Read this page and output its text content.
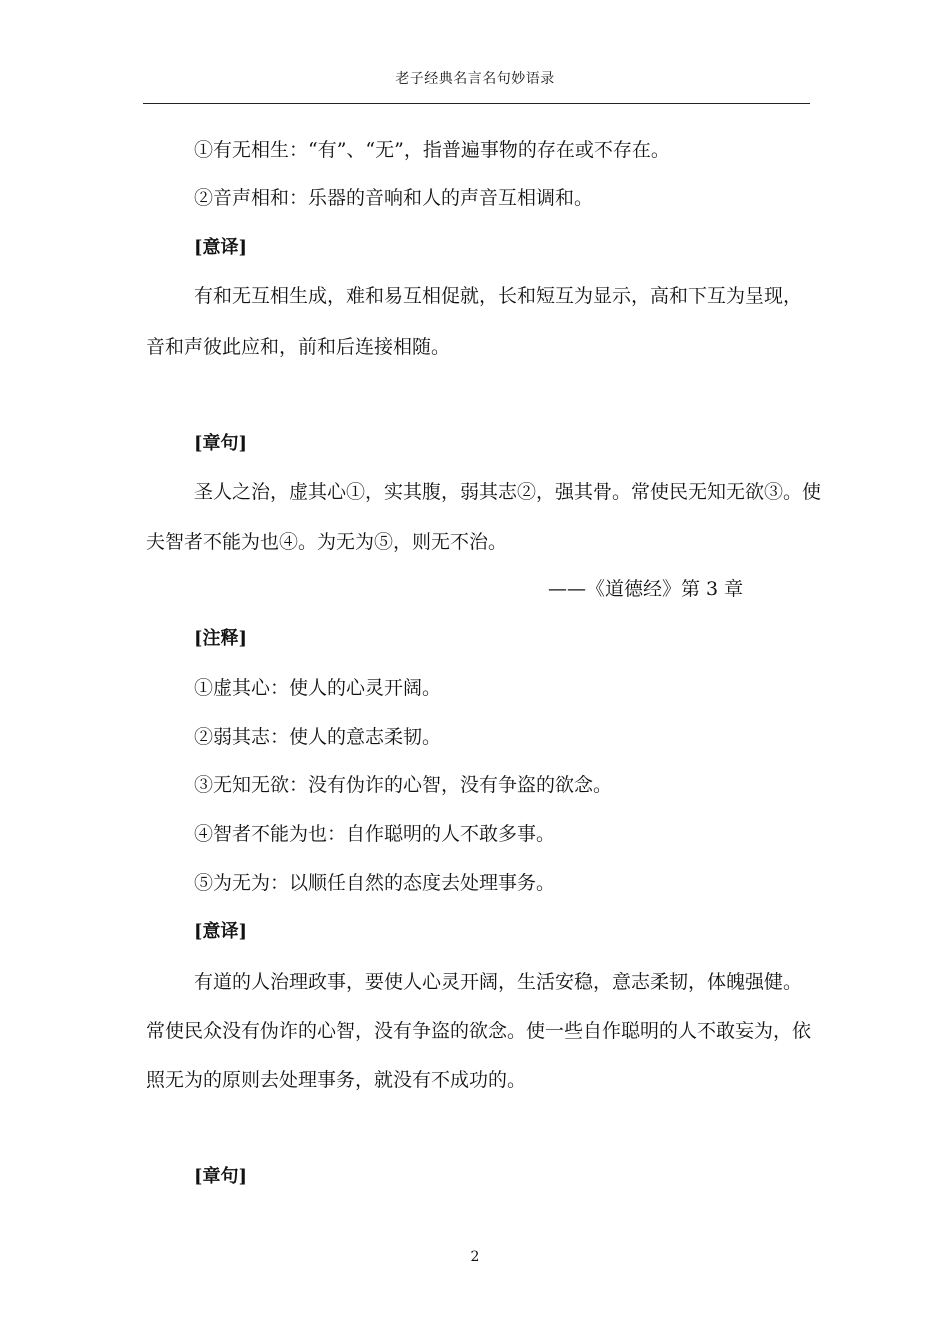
老子经典名言名句妙语录
①有无相生：“有”、“无”，指普遍事物的存在或不存在。
②音声相和：乐器的音响和人的声音互相调和。
[意译]
有和无互相生成，难和易互相促就，长和短互为显示，高和下互为呈现，
音和声彼此应和，前和后连接相随。
[章句]
圣人之治，虚其心①，实其腹，弱其志②，强其骨。常使民无知无欲③。使
夫智者不能为也④。为无为⑤，则无不治。
——《道德经》第 3 章
[注释]
①虚其心：使人的心灵开阔。
②弱其志：使人的意志柔韧。
③无知无欲：没有伪诈的心智，没有争盗的欲念。
④智者不能为也：自作聪明的人不敢多事。
⑤为无为：以顺任自然的态度去处理事务。
[意译]
有道的人治理政事，要使人心灵开阔，生活安稳，意志柔韧，体魄强健。
常使民众没有伪诈的心智，没有争盗的欲念。使一些自作聪明的人不敢妄为，依
照无为的原则去处理事务，就没有不成功的。
[章句]
2
